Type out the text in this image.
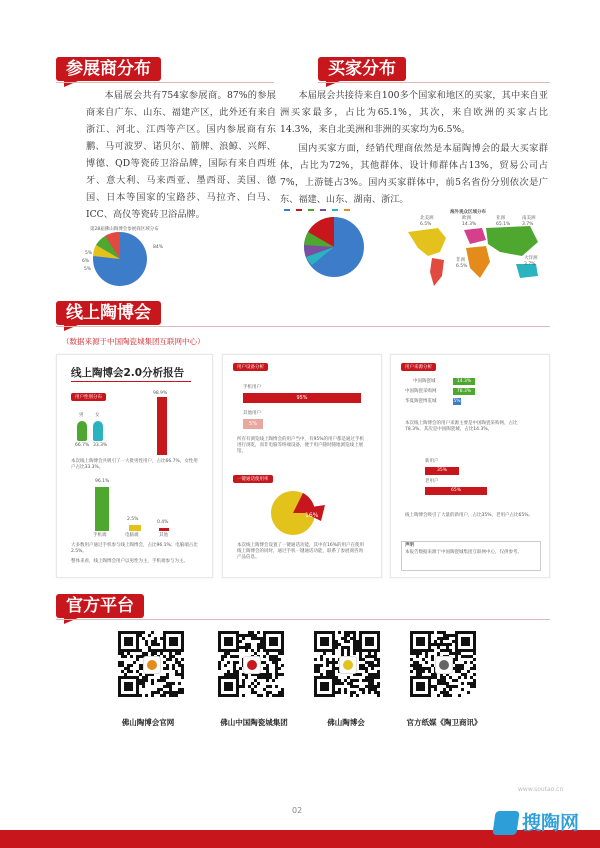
参展商分布

本届展会共有754家参展商。87%的参展商来自广东、山东、福建产区，此外还有来自浙江、河北、江西等产区。国内参展商有东鹏、马可波罗、诺贝尔、箭牌、浪鲸、兴辉、博德、QD等瓷砖卫浴品牌，国际有来自西班牙、意大利、马来西亚、墨西哥、美国、德国、日本等国家的宝路莎、马拉齐、白马、ICC、高仪等瓷砖卫浴品牌。

第28届佛山陶博会参展商区域分布
84%
5%
6%
5%
买家分布

本届展会共接待来自100多个国家和地区的买家，其中来自亚洲买家最多，占比为65.1%，其次，来自欧洲的买家占比14.3%，来自北美洲和非洲的买家均为6.5%。

国内买家方面，经销代理商依然是本届陶博会的最大买家群体，占比为72%，其他群体、设计师群体占13%，贸易公司占7%，上游链占3%。国内买家群体中，前5名省份分别依次是广东、福建、山东、湖南、浙江。

海外观众区域分布
北美洲
6.5%
欧洲
14.3%
亚洲
65.1%
南美洲
3.7%
非洲
6.5%
大洋洲
3.7%
线上陶博会
（数据来源于中国陶瓷城集团互联网中心）
线上陶博会2.0分析报告
用户性别分布
66.7% 33.3%
男	女
98.9%
本次线上陶博会共吸引了一大批男性用户，占比66.7%，女性用户占比33.3%。
96.1%
2.5%
0.4%
手机端	电脑端	其他
大多数用户通过手机参与线上陶博会，占比96.1%；电脑端占比2.5%。
整体来看，线上陶博会用户以男性为主，手机端参与为主。
用户设备分析
手机用户
95%
其他用户
5%
所有有浏览线上陶博会的用户当中，有95%的用户都是通过手机进行浏览，而非电脑等终端设备，便于用户随时随地浏览线上展馆。
一键通话使用率
16%
本次线上陶博会设置了一键通话功能，其中有16%的用户在使用线上陶博会的同时，通过手机一键通话功能，联系了参展商咨询产品信息。
用户来源分析
中国陶瓷城	14.3%
中国陶瓷采购网	78.3%
华夏陶瓷博览城	5%
本次线上陶博会的用户来源主要是中国陶瓷采购网，占比78.3%，其次是中国陶瓷城，占比14.3%。
新用户
35%
老用户
65%
线上陶博会吸引了大量的新用户，占比35%，老用户占比65%。
声明
本报告数据来源于中国陶瓷城集团互联网中心，仅供参考。
官方平台
佛山陶博会官网	佛山中国陶瓷城集团	佛山陶博会	官方纸媒《陶卫商讯》
02
搜陶网
www.soutao.cn
